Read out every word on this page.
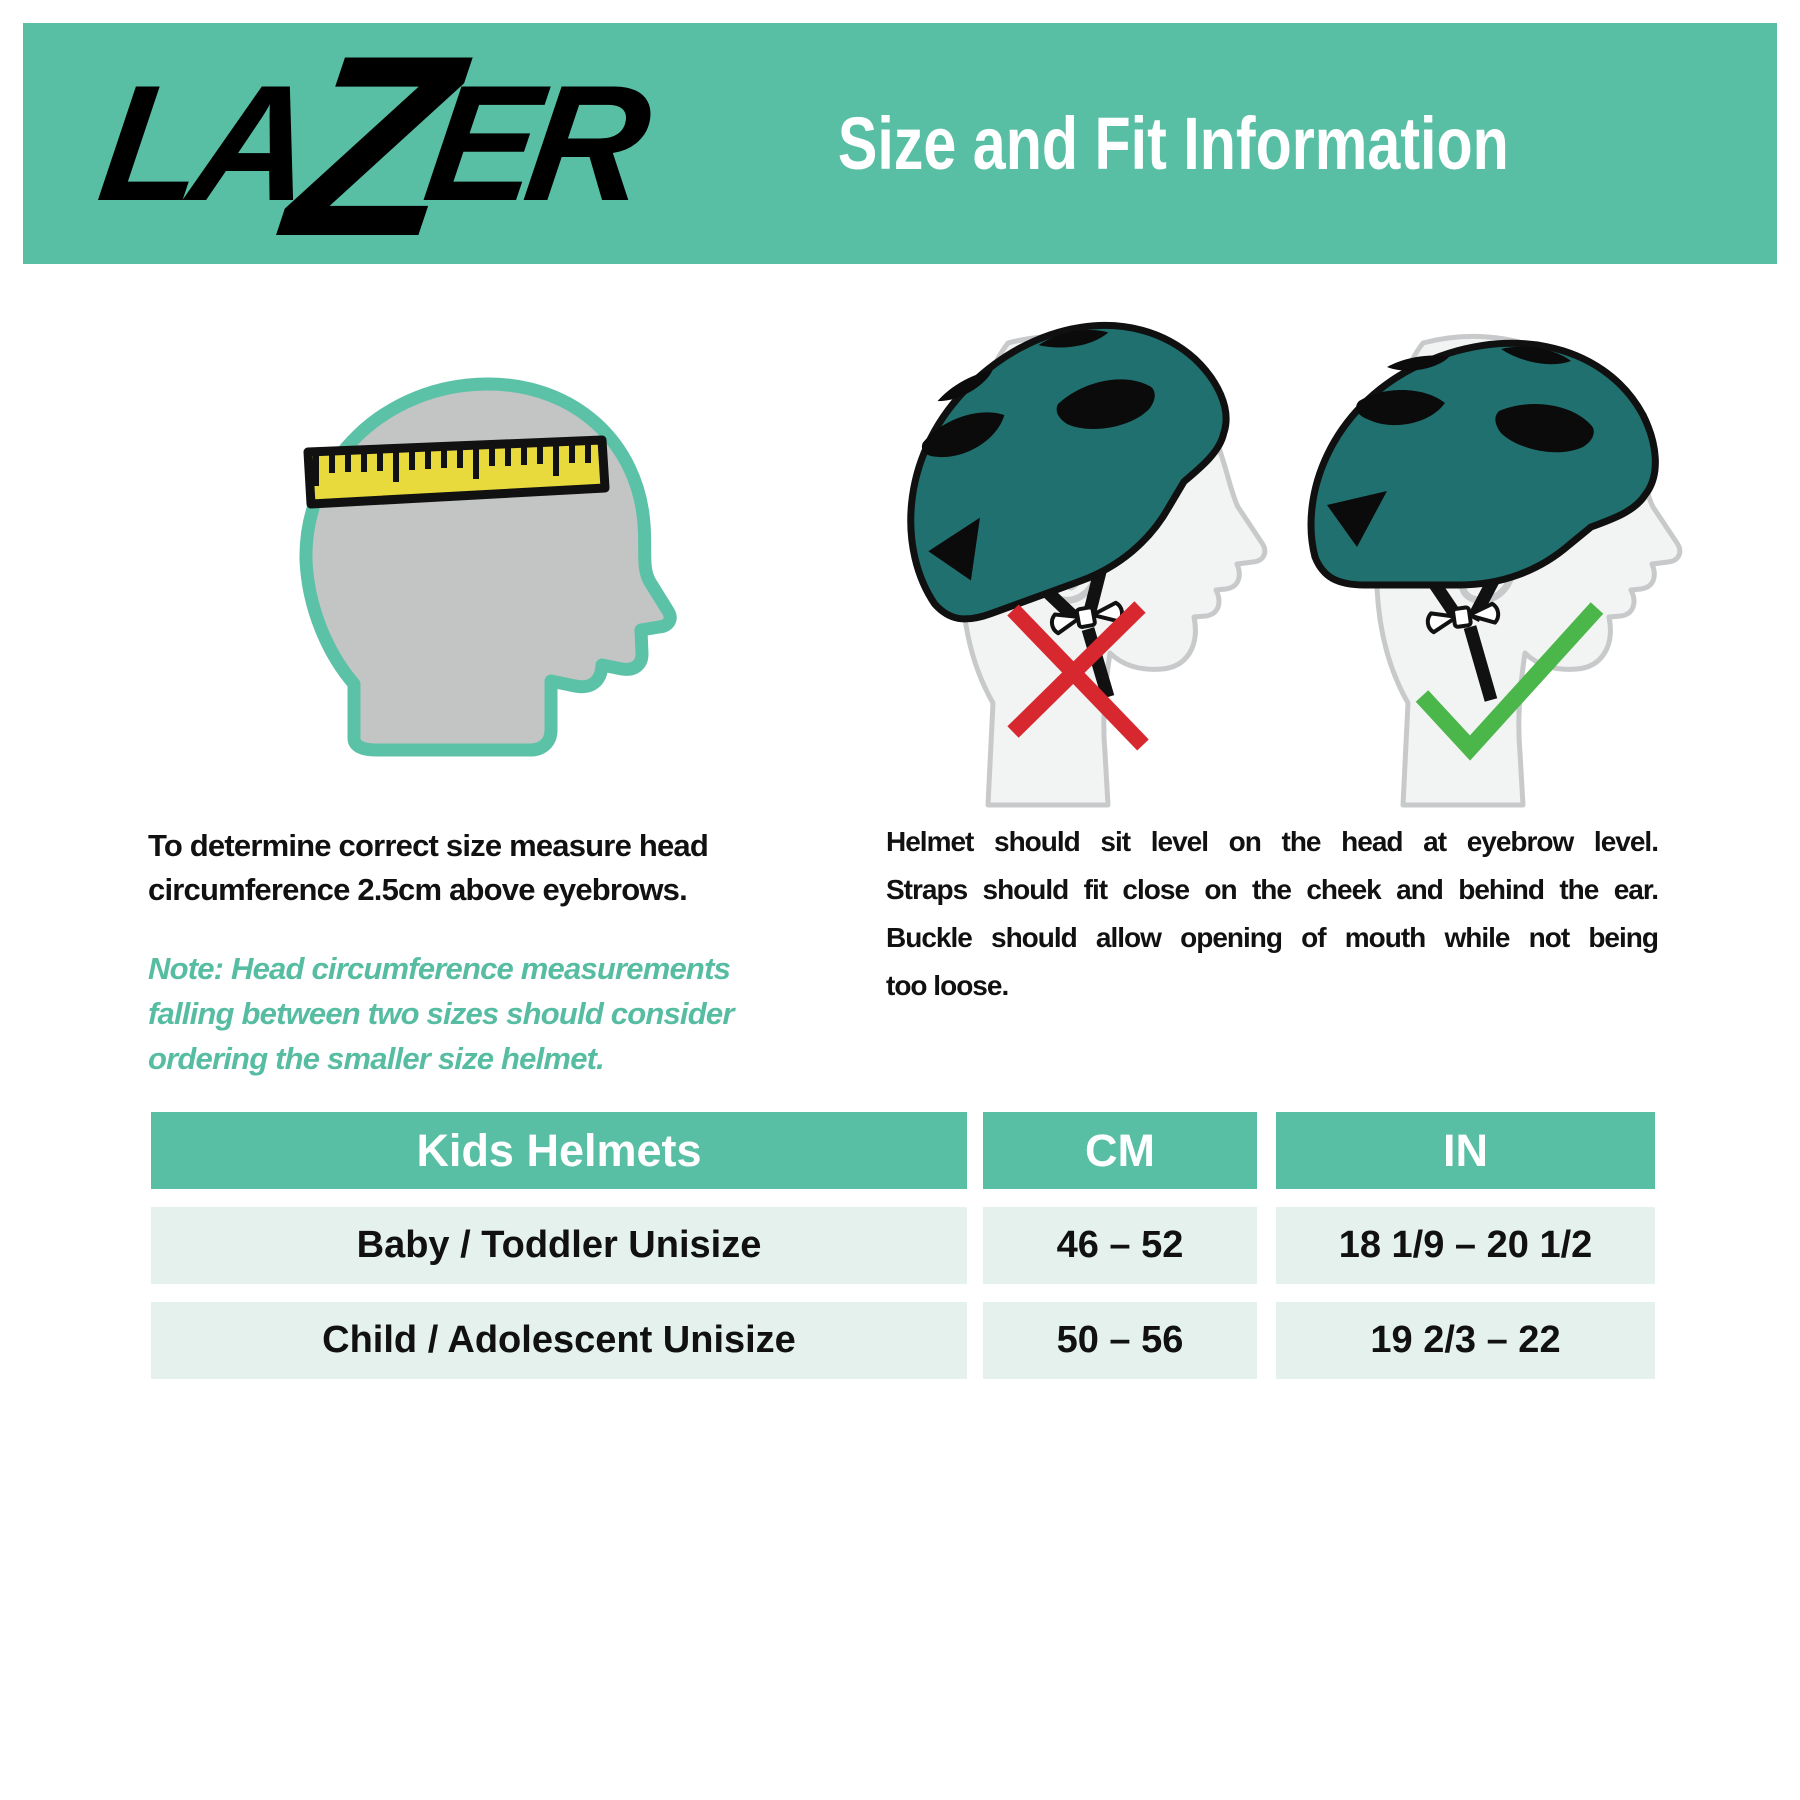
LA
Z
ER	Size and Fit Information
To determine correct size measure head
circumference 2.5cm above eyebrows.
Note: Head circumference measurements
falling between two sizes should consider
ordering the smaller size helmet.
Helmet should sit level on the head at eyebrow level.
Straps should fit close on the cheek and behind the ear.
Buckle should allow opening of mouth while not being
too loose.
Kids Helmets	CM	IN
Baby / Toddler Unisize	46 – 52	18 1/9 – 20 1/2
Child / Adolescent Unisize	50 – 56	19 2/3 – 22
